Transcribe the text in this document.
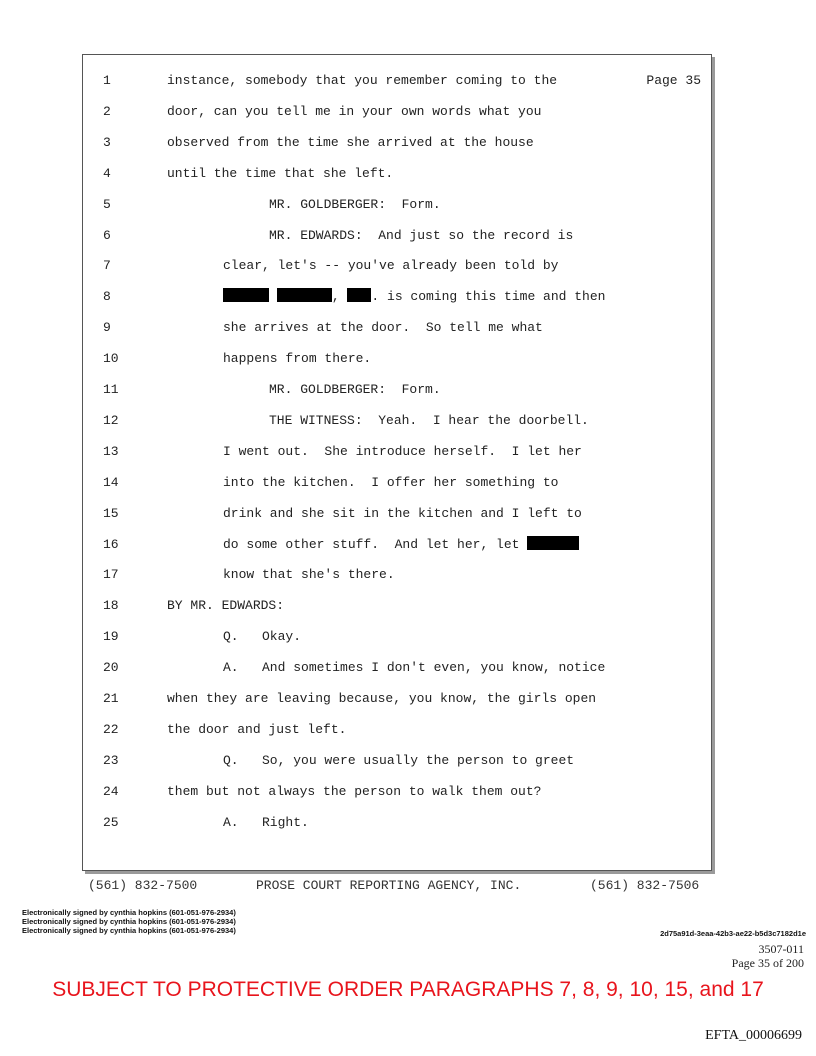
Page 35
1	instance, somebody that you remember coming to the
2	door, can you tell me in your own words what you
3	observed from the time she arrived at the house
4	until the time that she left.
5	MR. GOLDBERGER:  Form.
6	MR. EDWARDS:  And just so the record is
7	clear, let's -- you've already been told by
8	, . is coming this time and then
9	she arrives at the door.  So tell me what
10	happens from there.
11	MR. GOLDBERGER:  Form.
12	THE WITNESS:  Yeah.  I hear the doorbell.
13	I went out.  She introduce herself.  I let her
14	into the kitchen.  I offer her something to
15	drink and she sit in the kitchen and I left to
16	do some other stuff.  And let her, let
17	know that she's there.
18	BY MR. EDWARDS:
19	Q.   Okay.
20	A.   And sometimes I don't even, you know, notice
21	when they are leaving because, you know, the girls open
22	the door and just left.
23	Q.   So, you were usually the person to greet
24	them but not always the person to walk them out?
25	A.   Right.

(561) 832-7500

	PROSE COURT REPORTING AGENCY, INC.

	(561) 832-7506

Electronically signed by cynthia hopkins (601-051-976-2934)
Electronically signed by cynthia hopkins (601-051-976-2934)
Electronically signed by cynthia hopkins (601-051-976-2934)	2d75a91d-3eaa-42b3-ae22-b5d3c7182d1e
3507-011
Page 35 of 200
SUBJECT TO PROTECTIVE ORDER PARAGRAPHS 7, 8, 9, 10, 15, and 17
EFTA_00006699
